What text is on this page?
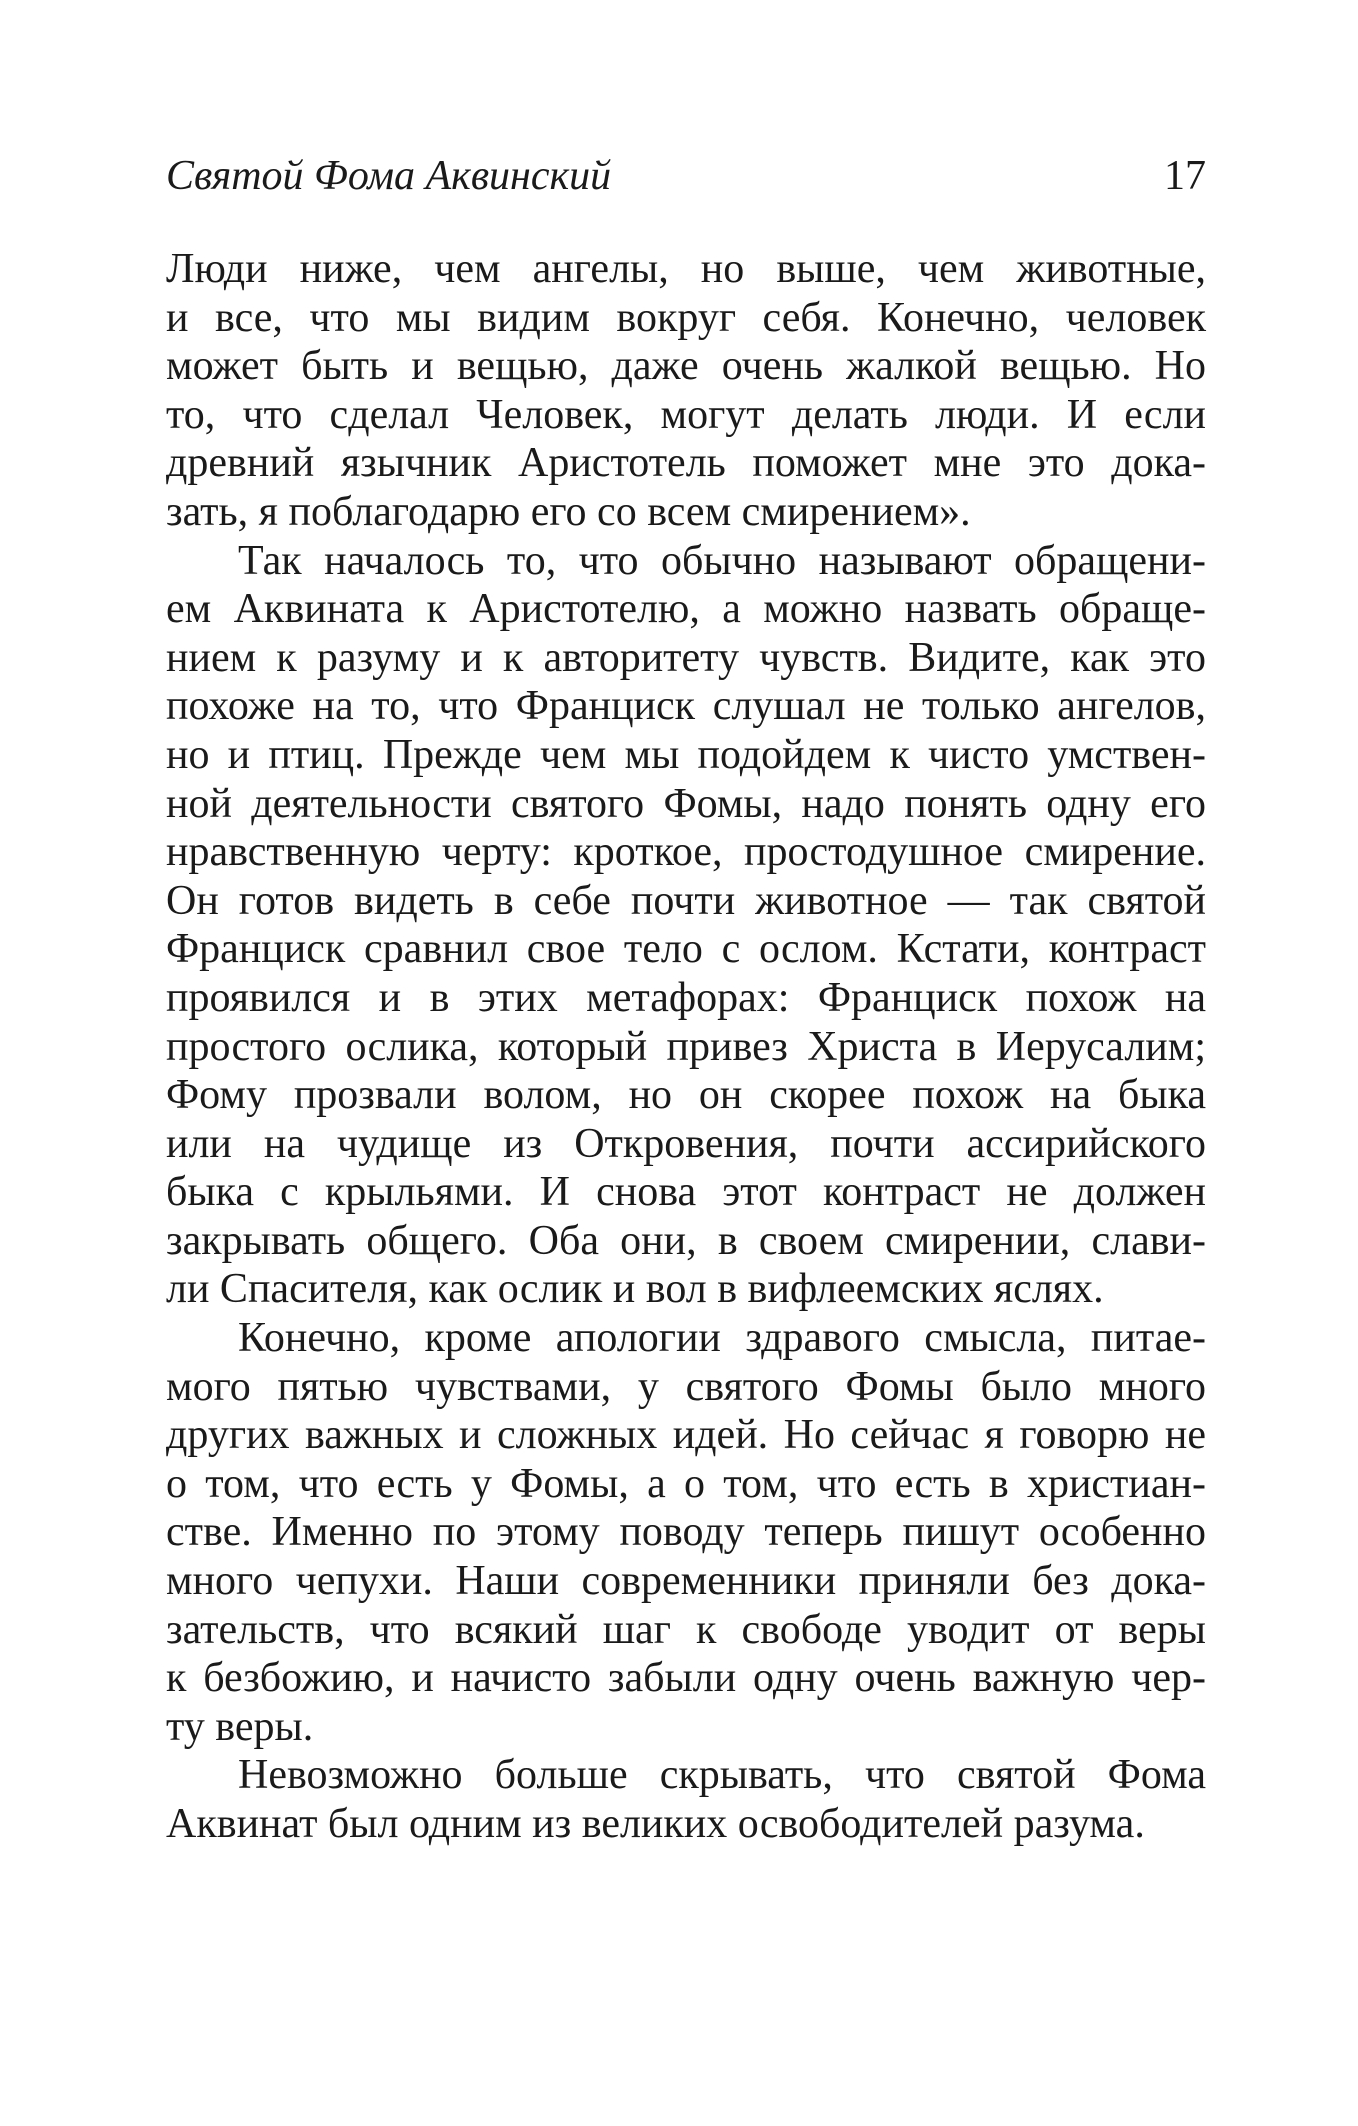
Святой Фома Аквинский	17
Люди ниже, чем ангелы, но выше, чем животные,
и все, что мы видим вокруг себя. Конечно, человек
может быть и вещью, даже очень жалкой вещью. Но
то, что сделал Человек, могут делать люди. И если
древний язычник Аристотель поможет мне это дока-
зать, я поблагодарю его со всем смирением».
Так началось то, что обычно называют обращени-
ем Аквината к Аристотелю, а можно назвать обраще-
нием к разуму и к авторитету чувств. Видите, как это
похоже на то, что Франциск слушал не только ангелов,
но и птиц. Прежде чем мы подойдем к чисто умствен-
ной деятельности святого Фомы, надо понять одну его
нравственную черту: кроткое, простодушное смирение.
Он готов видеть в себе почти животное — так святой
Франциск сравнил свое тело с ослом. Кстати, контраст
проявился и в этих метафорах: Франциск похож на
простого ослика, который привез Христа в Иерусалим;
Фому прозвали волом, но он скорее похож на быка
или на чудище из Откровения, почти ассирийского
быка с крыльями. И снова этот контраст не должен
закрывать общего. Оба они, в своем смирении, слави-
ли Спасителя, как ослик и вол в вифлеемских яслях.
Конечно, кроме апологии здравого смысла, питае-
мого пятью чувствами, у святого Фомы было много
других важных и сложных идей. Но сейчас я говорю не
о том, что есть у Фомы, а о том, что есть в христиан-
стве. Именно по этому поводу теперь пишут особенно
много чепухи. Наши современники приняли без дока-
зательств, что всякий шаг к свободе уводит от веры
к безбожию, и начисто забыли одну очень важную чер-
ту веры.
Невозможно больше скрывать, что святой Фома
Аквинат был одним из великих освободителей разума.
